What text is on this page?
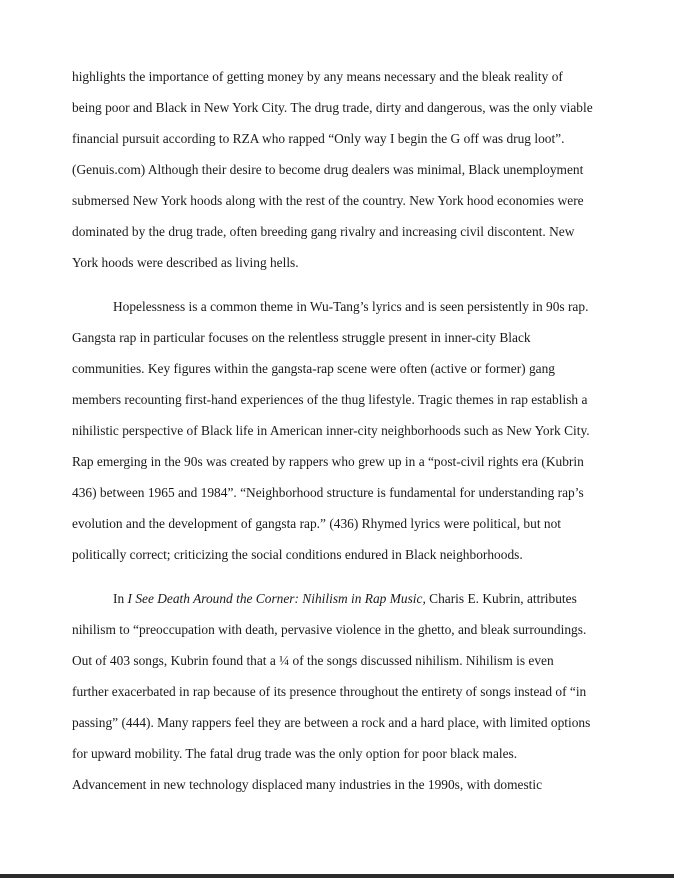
highlights the importance of getting money by any means necessary and the bleak reality of
being poor and Black in New York City. The drug trade, dirty and dangerous, was the only viable
financial pursuit according to RZA who rapped “Only way I begin the G off was drug loot”.
(Genuis.com) Although their desire to become drug dealers was minimal, Black unemployment
submersed New York hoods along with the rest of the country. New York hood economies were
dominated by the drug trade, often breeding gang rivalry and increasing civil discontent. New
York hoods were described as living hells.

Hopelessness is a common theme in Wu-Tang’s lyrics and is seen persistently in 90s rap.
Gangsta rap in particular focuses on the relentless struggle present in inner-city Black
communities. Key figures within the gangsta-rap scene were often (active or former) gang
members recounting first-hand experiences of the thug lifestyle. Tragic themes in rap establish a
nihilistic perspective of Black life in American inner-city neighborhoods such as New York City.
Rap emerging in the 90s was created by rappers who grew up in a “post-civil rights era (Kubrin
436) between 1965 and 1984”. “Neighborhood structure is fundamental for understanding rap’s
evolution and the development of gangsta rap.” (436) Rhymed lyrics were political, but not
politically correct; criticizing the social conditions endured in Black neighborhoods.

In I See Death Around the Corner: Nihilism in Rap Music, Charis E. Kubrin, attributes
nihilism to “preoccupation with death, pervasive violence in the ghetto, and bleak surroundings.
Out of 403 songs, Kubrin found that a ¼ of the songs discussed nihilism. Nihilism is even
further exacerbated in rap because of its presence throughout the entirety of songs instead of “in
passing” (444). Many rappers feel they are between a rock and a hard place, with limited options
for upward mobility. The fatal drug trade was the only option for poor black males.
Advancement in new technology displaced many industries in the 1990s, with domestic
